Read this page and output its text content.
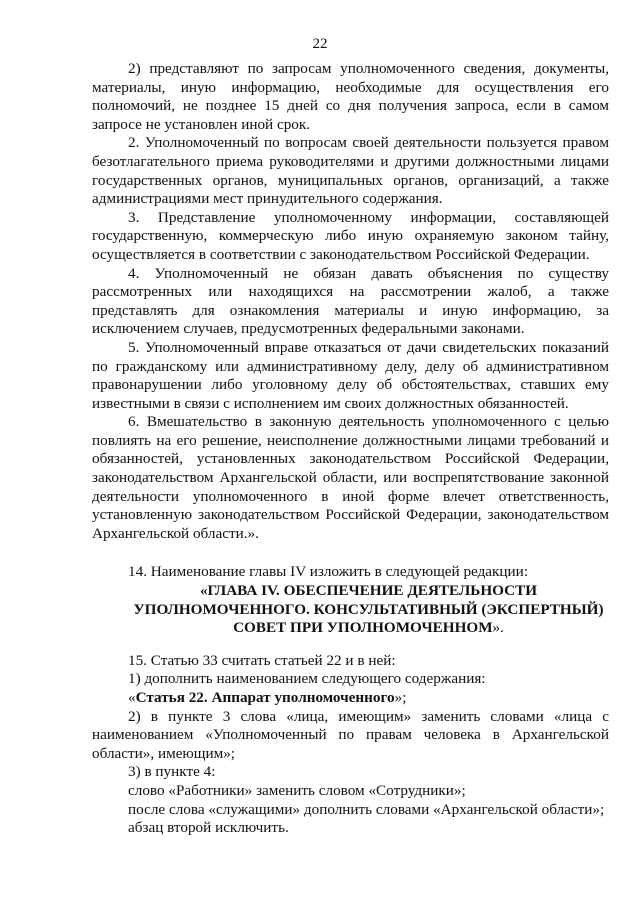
22

2) представляют по запросам уполномоченного сведения, документы, материалы, иную информацию, необходимые для осуществления его полномочий, не позднее 15 дней со дня получения запроса, если в самом запросе не установлен иной срок.

2. Уполномоченный по вопросам своей деятельности пользуется правом безотлагательного приема руководителями и другими должностными лицами государственных органов, муниципальных органов, организаций, а также администрациями мест принудительного содержания.

3. Представление уполномоченному информации, составляющей государственную, коммерческую либо иную охраняемую законом тайну, осуществляется в соответствии с законодательством Российской Федерации.

4. Уполномоченный не обязан давать объяснения по существу рассмотренных или находящихся на рассмотрении жалоб, а также представлять для ознакомления материалы и иную информацию, за исключением случаев, предусмотренных федеральными законами.

5. Уполномоченный вправе отказаться от дачи свидетельских показаний по гражданскому или административному делу, делу об административном правонарушении либо уголовному делу об обстоятельствах, ставших ему известными в связи с исполнением им своих должностных обязанностей.

6. Вмешательство в законную деятельность уполномоченного с целью повлиять на его решение, неисполнение должностными лицами требований и обязанностей, установленных законодательством Российской Федерации, законодательством Архангельской области, или воспрепятствование законной деятельности уполномоченного в иной форме влечет ответственность, установленную законодательством Российской Федерации, законодательством Архангельской области.».

14. Наименование главы IV изложить в следующей редакции:

«ГЛАВА IV. ОБЕСПЕЧЕНИЕ ДЕЯТЕЛЬНОСТИ

УПОЛНОМОЧЕННОГО. КОНСУЛЬТАТИВНЫЙ (ЭКСПЕРТНЫЙ)

СОВЕТ ПРИ УПОЛНОМОЧЕННОМ».

15. Статью 33 считать статьей 22 и в ней:

1) дополнить наименованием следующего содержания:

«Статья 22. Аппарат уполномоченного»;

2) в пункте 3 слова «лица, имеющим» заменить словами «лица с наименованием «Уполномоченный по правам человека в Архангельской области», имеющим»;

3) в пункте 4:

слово «Работники» заменить словом «Сотрудники»;

после слова «служащими» дополнить словами «Архангельской области»;

абзац второй исключить.
